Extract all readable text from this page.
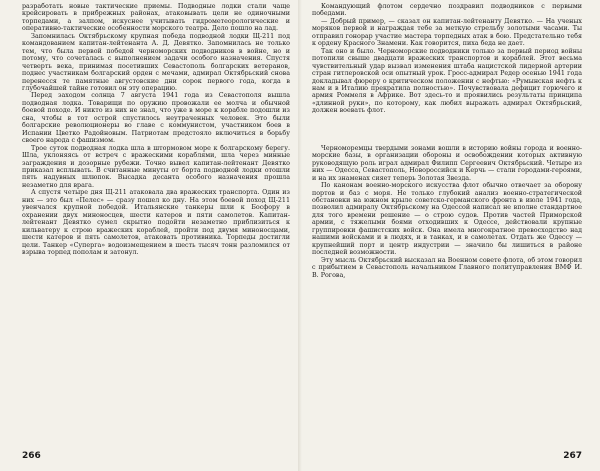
разработать новые тактические приемы. Подводные лодки стали чаще крейсировать в прибрежных районах, атаковывать цели не одиночными торпедами, а залпом, искуснее учитывать гидрометеорологические и оперативно-тактические особенности морского театра. Дело пошло на лад.

Запомнилась Октябрьскому крупная победа подводной лодки Щ-211 под командованием капитан-лейтенанта А. Д. Девятко. Запомнилась не только тем, что была первой победой черноморских подводников в войне, но и потому, что сочеталась с выполнением задачи особого назначения. Спустя четверть века, принимая посетивших Севастополь болгарских ветеранов, поднес участникам болгарский орден с мечами, адмирал Октябрьский снова перенесся те памятные августовские дни сорок первого года, когда в глубочайшей тайне готовил он эту операцию.

Перед заходом солнца 7 августа 1941 года из Севастополя вышла подводная лодка. Товарищи по оружию провожали ее молча и обычной боевой походе. И никто из них не знал, что уже в море к корабле подошли из сна, чтобы в тот острой спустилось неутраченных человек. Это были болгарские революционеры во главе с коммунистом, участником боев в Испании Цветко Радойновым. Патриотам предстояло включиться в борьбу своего народа с фашизмом.

Трое суток подводная лодка шла в штормовом море к болгарскому берегу. Шла, уклоняясь от встреч с вражескими кораблями, шла через минные заграждения и дозорные рубежи. Точно вывел капитан-лейтенант Девятко приказал всплывать. В считанные минуты от борта подводной лодки отошли пять надувных шлюпок. Высадка десанта особого назначения прошла незаметно для врага.

А спустя четыре дня Щ-211 атаковала два вражеских транспорта. Один из них — это был «Пелес» — сразу пошел ко дну. На этом боевой поход Щ-211 увенчался крупной победой. Итальянские танкеры шли к Босфору в охранении двух миноносцев, шести катеров и пяти самолетов. Капитан-лейтенант Девятко сумел скрытно подойти незаметно приблизиться к кильватеру к строю вражеских кораблей, пройти под двумя миноносцами, шести катеров и пять самолетов, атаковать противника. Торпеды достигли цели. Танкер «Суперга» водоизмещением в шесть тысяч тонн разломился от взрыва торпед пополам и затонул.

266

Командующий флотом сердечно поздравил подводников с первыми победами.

— Добрый пример, — сказал он капитан-лейтенанту Девятко. — На ученых моряков первой и награждая тебе за меткую стрельбу золотыми часами. Ты отправил гонорар участие мастера торпедных атак в бою. Предстательно тебя к ордену Красного Знамени. Как говорится, пиха беда не дает.

Так оно и было. Черноморские подводники только за первый период войны потопили свыше двадцати вражеских транспортов и кораблей. Этот весьма чувствительный удар вызвал изменения штаба нацистской лидерной артерии стран гитлеровской оси опытный урок. Гросс-адмирал Редер осенью 1941 года докладывал фюреру о критическом положении с нефтью: «Румынская нефть к нам и в Италию прекратила полностью». Почувствовала дефицит горючего и армия Роммеля в Африке. Вот здесь-то и проявились результаты принципа «длинной руки», по которому, как любил выражать адмирал Октябрьский, должен воевать флот.

Черноморемцы твердыми зонами вошли в историю войны города и военно-морские базы, в организации обороны и освобождении которых активную руководящую роль играл адмирал Филипп Сергеевич Октябрьский. Четыре из них — Одесса, Севастополь, Новороссийск и Керчь — стали городами-героями, и на их знаменах сияет теперь Золотая Звезда.

По канонам военно-морского искусства флот обычно отвечает за оборону портов и баз с моря. Не только глубокий анализ военно-стратегической обстановки на южном крыле советско-германского фронта в июле 1941 года, позволил адмиралу Октябрьскому на Одессой написал не вполне стандартное для того времени решение — о строю судов. Против частей Приморской армии, с тяжелыми боями отходивших к Одессе, действовали крупные группировки фашистских войск. Она имела многократное превосходство над нашими войсками и в людях, и в танках, и в самолетах. Отдать же Одессу — крупнейший порт и центр индустрии — значило бы лишиться в районе последней возможности.

Эту мысль Октябрьский высказал на Военном совете флота, об этом говорил с прибытием в Севастополь начальником Главного политуправления ВМФ И. В. Рогова,

267
